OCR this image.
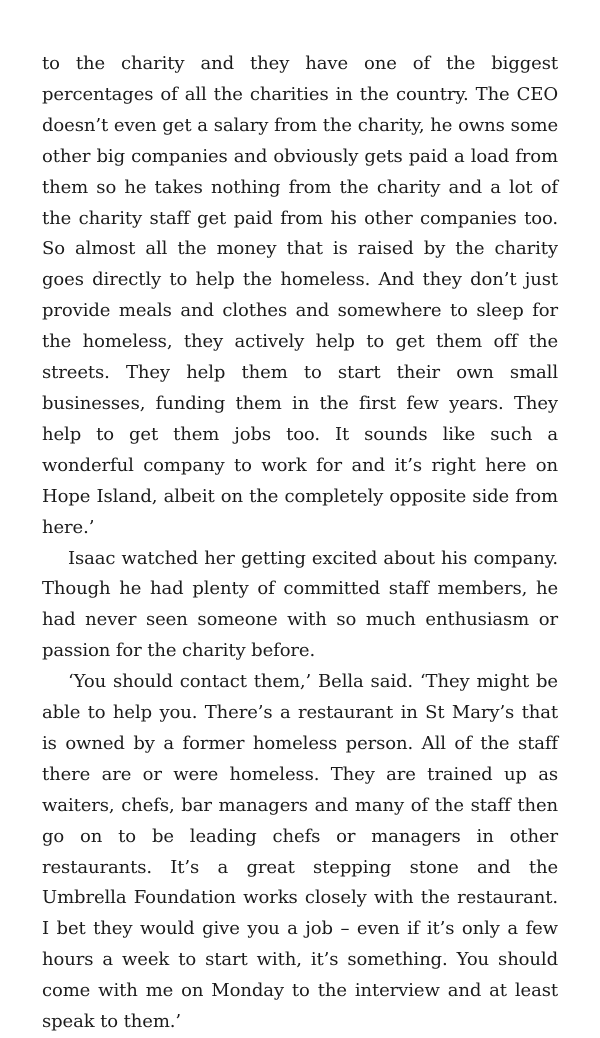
to the charity and they have one of the biggest percentages of all the charities in the country. The CEO doesn’t even get a salary from the charity, he owns some other big companies and obviously gets paid a load from them so he takes nothing from the charity and a lot of the charity staff get paid from his other companies too. So almost all the money that is raised by the charity goes directly to help the homeless. And they don’t just provide meals and clothes and somewhere to sleep for the homeless, they actively help to get them off the streets. They help them to start their own small businesses, funding them in the first few years. They help to get them jobs too. It sounds like such a wonderful company to work for and it’s right here on Hope Island, albeit on the completely opposite side from here.’

Isaac watched her getting excited about his company. Though he had plenty of committed staff members, he had never seen someone with so much enthusiasm or passion for the charity before.

‘You should contact them,’ Bella said. ‘They might be able to help you. There’s a restaurant in St Mary’s that is owned by a former homeless person. All of the staff there are or were homeless. They are trained up as waiters, chefs, bar managers and many of the staff then go on to be leading chefs or managers in other restaurants. It’s a great stepping stone and the Umbrella Foundation works closely with the restaurant. I bet they would give you a job – even if it’s only a few hours a week to start with, it’s something. You should come with me on Monday to the interview and at least speak to them.’
